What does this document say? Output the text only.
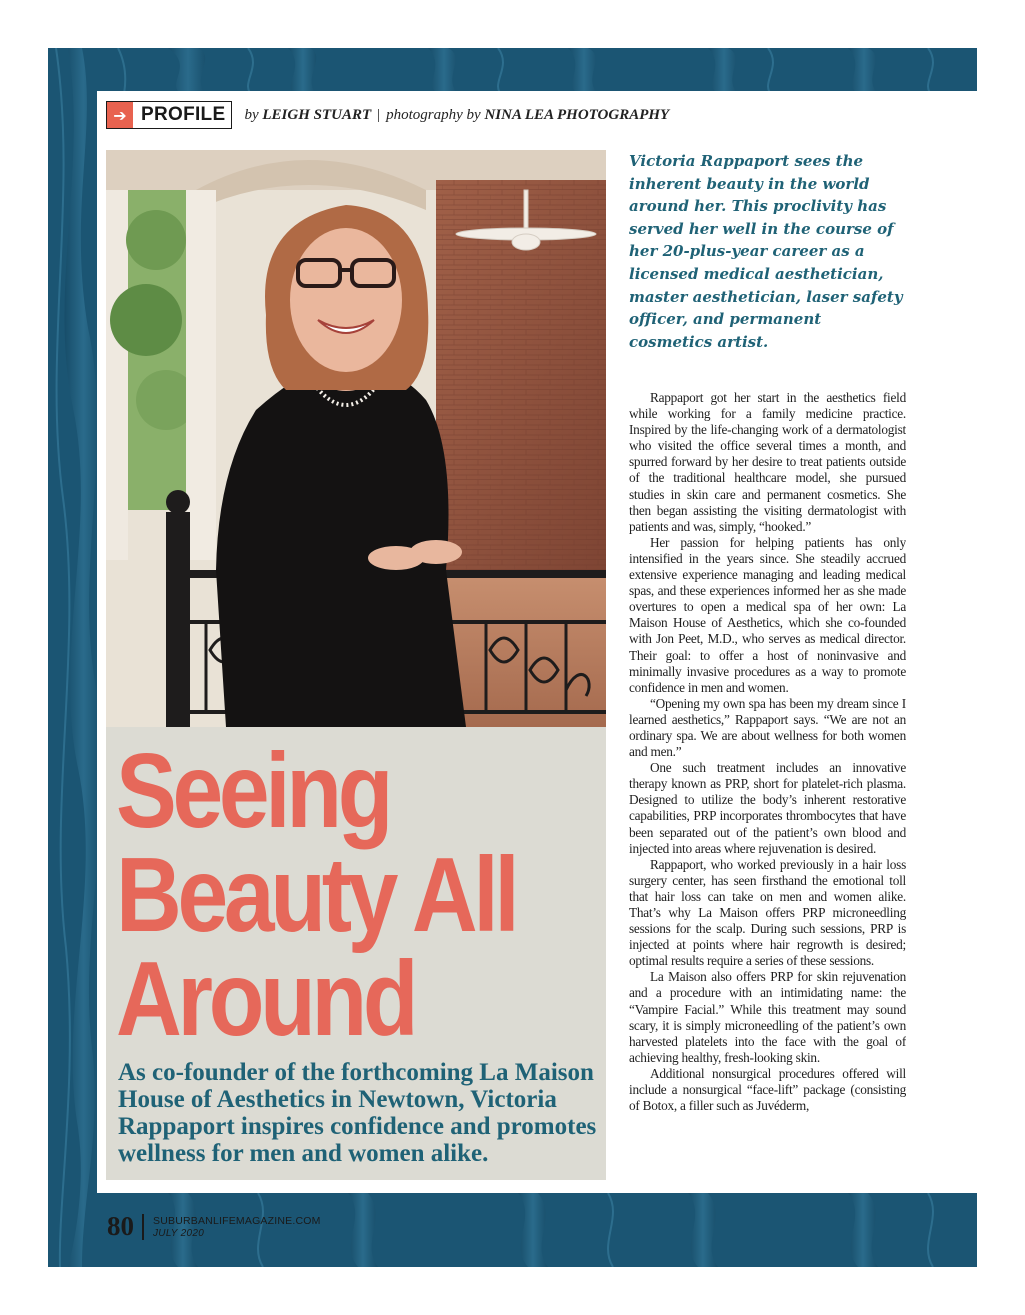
➔ PROFILE by LEIGH STUART | photography by NINA LEA PHOTOGRAPHY
Seeing
Beauty All
Around

As co-founder of the forthcoming La Maison House of Aesthetics in Newtown, Victoria Rappaport inspires confidence and promotes wellness for men and women alike.

Victoria Rappaport sees the inherent beauty in the world around her. This proclivity has served her well in the course of her 20-plus-year career as a licensed medical aesthetician, master aesthetician, laser safety officer, and permanent cosmetics artist.

Rappaport got her start in the aesthetics field while working for a family medicine practice. Inspired by the life-changing work of a dermatologist who visited the office several times a month, and spurred forward by her desire to treat patients outside of the traditional healthcare model, she pursued studies in skin care and permanent cosmetics. She then began assisting the visiting dermatologist with patients and was, simply, “hooked.”

Her passion for helping patients has only intensified in the years since. She steadily accrued extensive experience managing and leading medical spas, and these experiences informed her as she made overtures to open a medical spa of her own: La Maison House of Aesthetics, which she co-founded with Jon Peet, M.D., who serves as medical director. Their goal: to offer a host of noninvasive and minimally invasive procedures as a way to promote confidence in men and women.

“Opening my own spa has been my dream since I learned aesthetics,” Rappaport says. “We are not an ordinary spa. We are about wellness for both women and men.”

One such treatment includes an innovative therapy known as PRP, short for platelet-rich plasma. Designed to utilize the body’s inherent restorative capabilities, PRP incorporates thrombocytes that have been separated out of the patient’s own blood and injected into areas where rejuvenation is desired.

Rappaport, who worked previously in a hair loss surgery center, has seen firsthand the emotional toll that hair loss can take on men and women alike. That’s why La Maison offers PRP microneedling sessions for the scalp. During such sessions, PRP is injected at points where hair regrowth is desired; optimal results require a series of these sessions.

La Maison also offers PRP for skin rejuvenation and a procedure with an intimidating name: the “Vampire Facial.” While this treatment may sound scary, it is simply microneedling of the patient’s own harvested platelets into the face with the goal of achieving healthy, fresh-looking skin.

Additional nonsurgical procedures offered will include a nonsurgical “face-lift” package (consisting of Botox, a filler such as Juvéderm,

80 SUBURBANLIFEMAGAZINE.COM
JULY 2020
